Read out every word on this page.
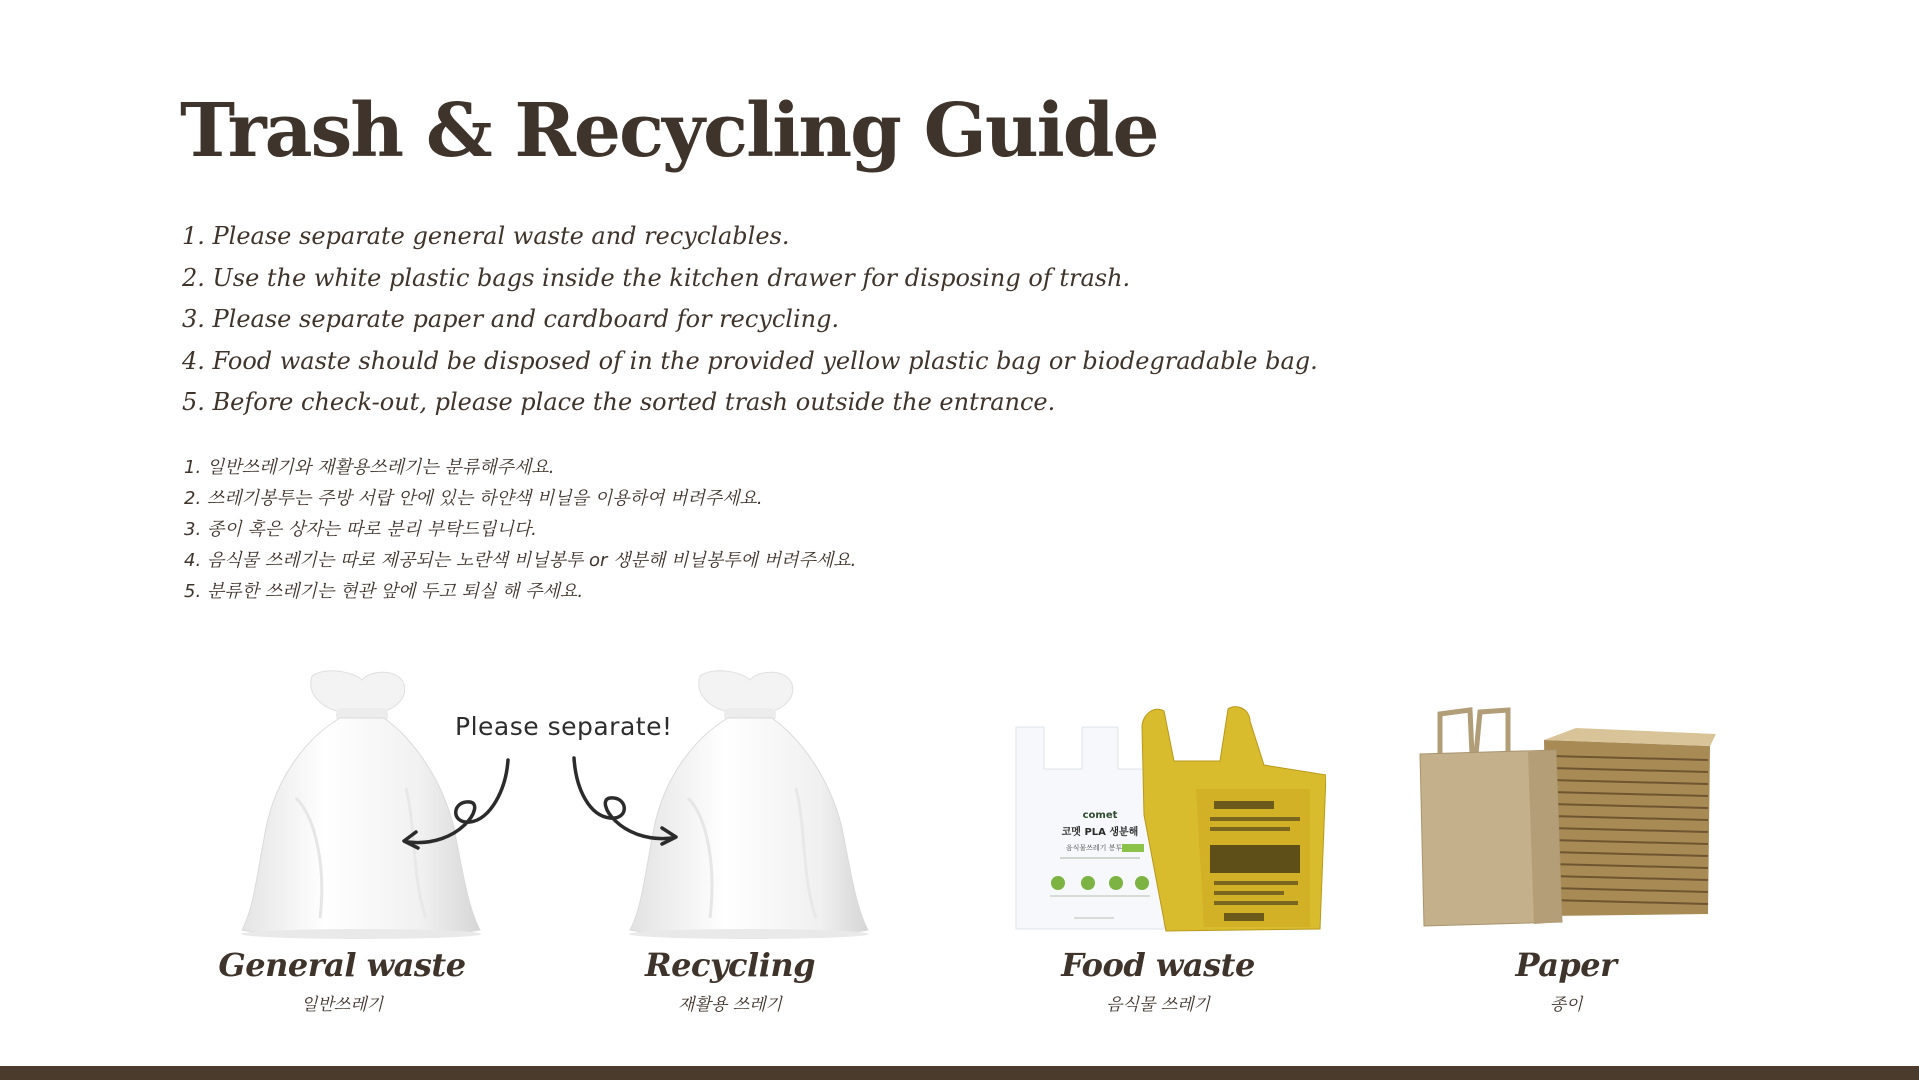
Trash & Recycling Guide
1. Please separate general waste and recyclables.
2. Use the white plastic bags inside the kitchen drawer for disposing of trash.
3. Please separate paper and cardboard for recycling.
4. Food waste should be disposed of in the provided yellow plastic bag or biodegradable bag.
5. Before check-out, please place the sorted trash outside the entrance.
1. 일반쓰레기와 재활용쓰레기는 분류해주세요.
2. 쓰레기봉투는 주방 서랍 안에 있는 하얀색 비닐을 이용하여 버려주세요.
3. 종이 혹은 상자는 따로 분리 부탁드립니다.
4. 음식물 쓰레기는 따로 제공되는 노란색 비닐봉투 or 생분해 비닐봉투에 버려주세요.
5. 분류한 쓰레기는 현관 앞에 두고 퇴실 해 주세요.
Please separate!
comet
코멧 PLA 생분해
음식물쓰레기 봉투
General waste
일반쓰레기
Recycling
재활용 쓰레기
Food waste
음식물 쓰레기
Paper
종이
